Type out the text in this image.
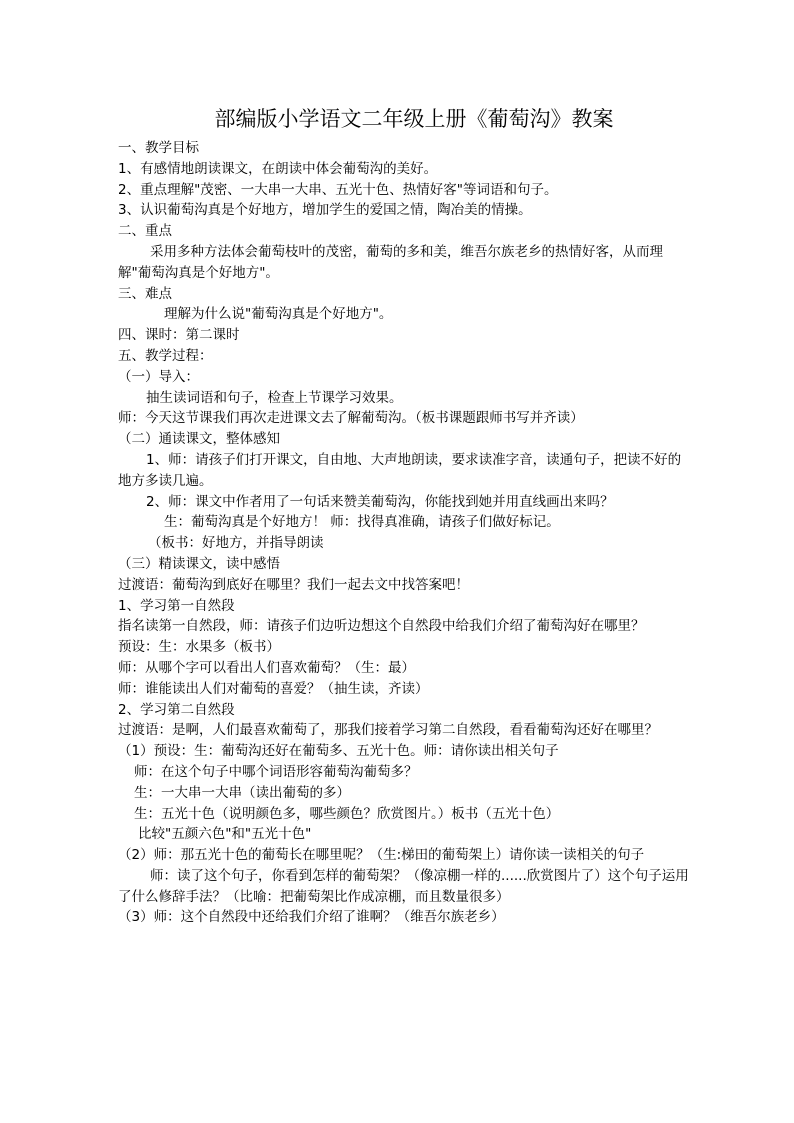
部编版小学语文二年级上册《葡萄沟》教案

一、教学目标

1、有感情地朗读课文，在朗读中体会葡萄沟的美好。

2、重点理解"茂密、一大串一大串、五光十色、热情好客"等词语和句子。

3、认识葡萄沟真是个好地方，增加学生的爱国之情，陶冶美的情操。

二、重点

采用多种方法体会葡萄枝叶的茂密，葡萄的多和美，维吾尔族老乡的热情好客，从而理解"葡萄沟真是个好地方"。

三、难点

理解为什么说"葡萄沟真是个好地方"。

四、课时：第二课时

五、教学过程：

（一）导入：

抽生读词语和句子，检查上节课学习效果。

师：今天这节课我们再次走进课文去了解葡萄沟。（板书课题跟师书写并齐读）

（二）通读课文，整体感知

1、师：请孩子们打开课文，自由地、大声地朗读，要求读准字音，读通句子，把读不好的地方多读几遍。

2、师：课文中作者用了一句话来赞美葡萄沟，你能找到她并用直线画出来吗？

生：葡萄沟真是个好地方！ 师：找得真准确，请孩子们做好标记。

（板书：好地方，并指导朗读

（三）精读课文，读中感悟

过渡语：葡萄沟到底好在哪里？我们一起去文中找答案吧！

1、学习第一自然段

指名读第一自然段，师：请孩子们边听边想这个自然段中给我们介绍了葡萄沟好在哪里？

预设：生：水果多（板书）

师：从哪个字可以看出人们喜欢葡萄？（生：最）

师：谁能读出人们对葡萄的喜爱？（抽生读，齐读）

2、学习第二自然段

过渡语：是啊，人们最喜欢葡萄了，那我们接着学习第二自然段，看看葡萄沟还好在哪里？

（1）预设：生：葡萄沟还好在葡萄多、五光十色。师：请你读出相关句子

师：在这个句子中哪个词语形容葡萄沟葡萄多？

生：一大串一大串（读出葡萄的多）

生：五光十色（说明颜色多，哪些颜色？欣赏图片。）板书（五光十色）

比较"五颜六色"和"五光十色"

（2）师：那五光十色的葡萄长在哪里呢？（生:梯田的葡萄架上）请你读一读相关的句子

师：读了这个句子，你看到怎样的葡萄架？（像凉棚一样的......欣赏图片了）这个句子运用了什么修辞手法？（比喻：把葡萄架比作成凉棚，而且数量很多）

（3）师：这个自然段中还给我们介绍了谁啊？（维吾尔族老乡）
